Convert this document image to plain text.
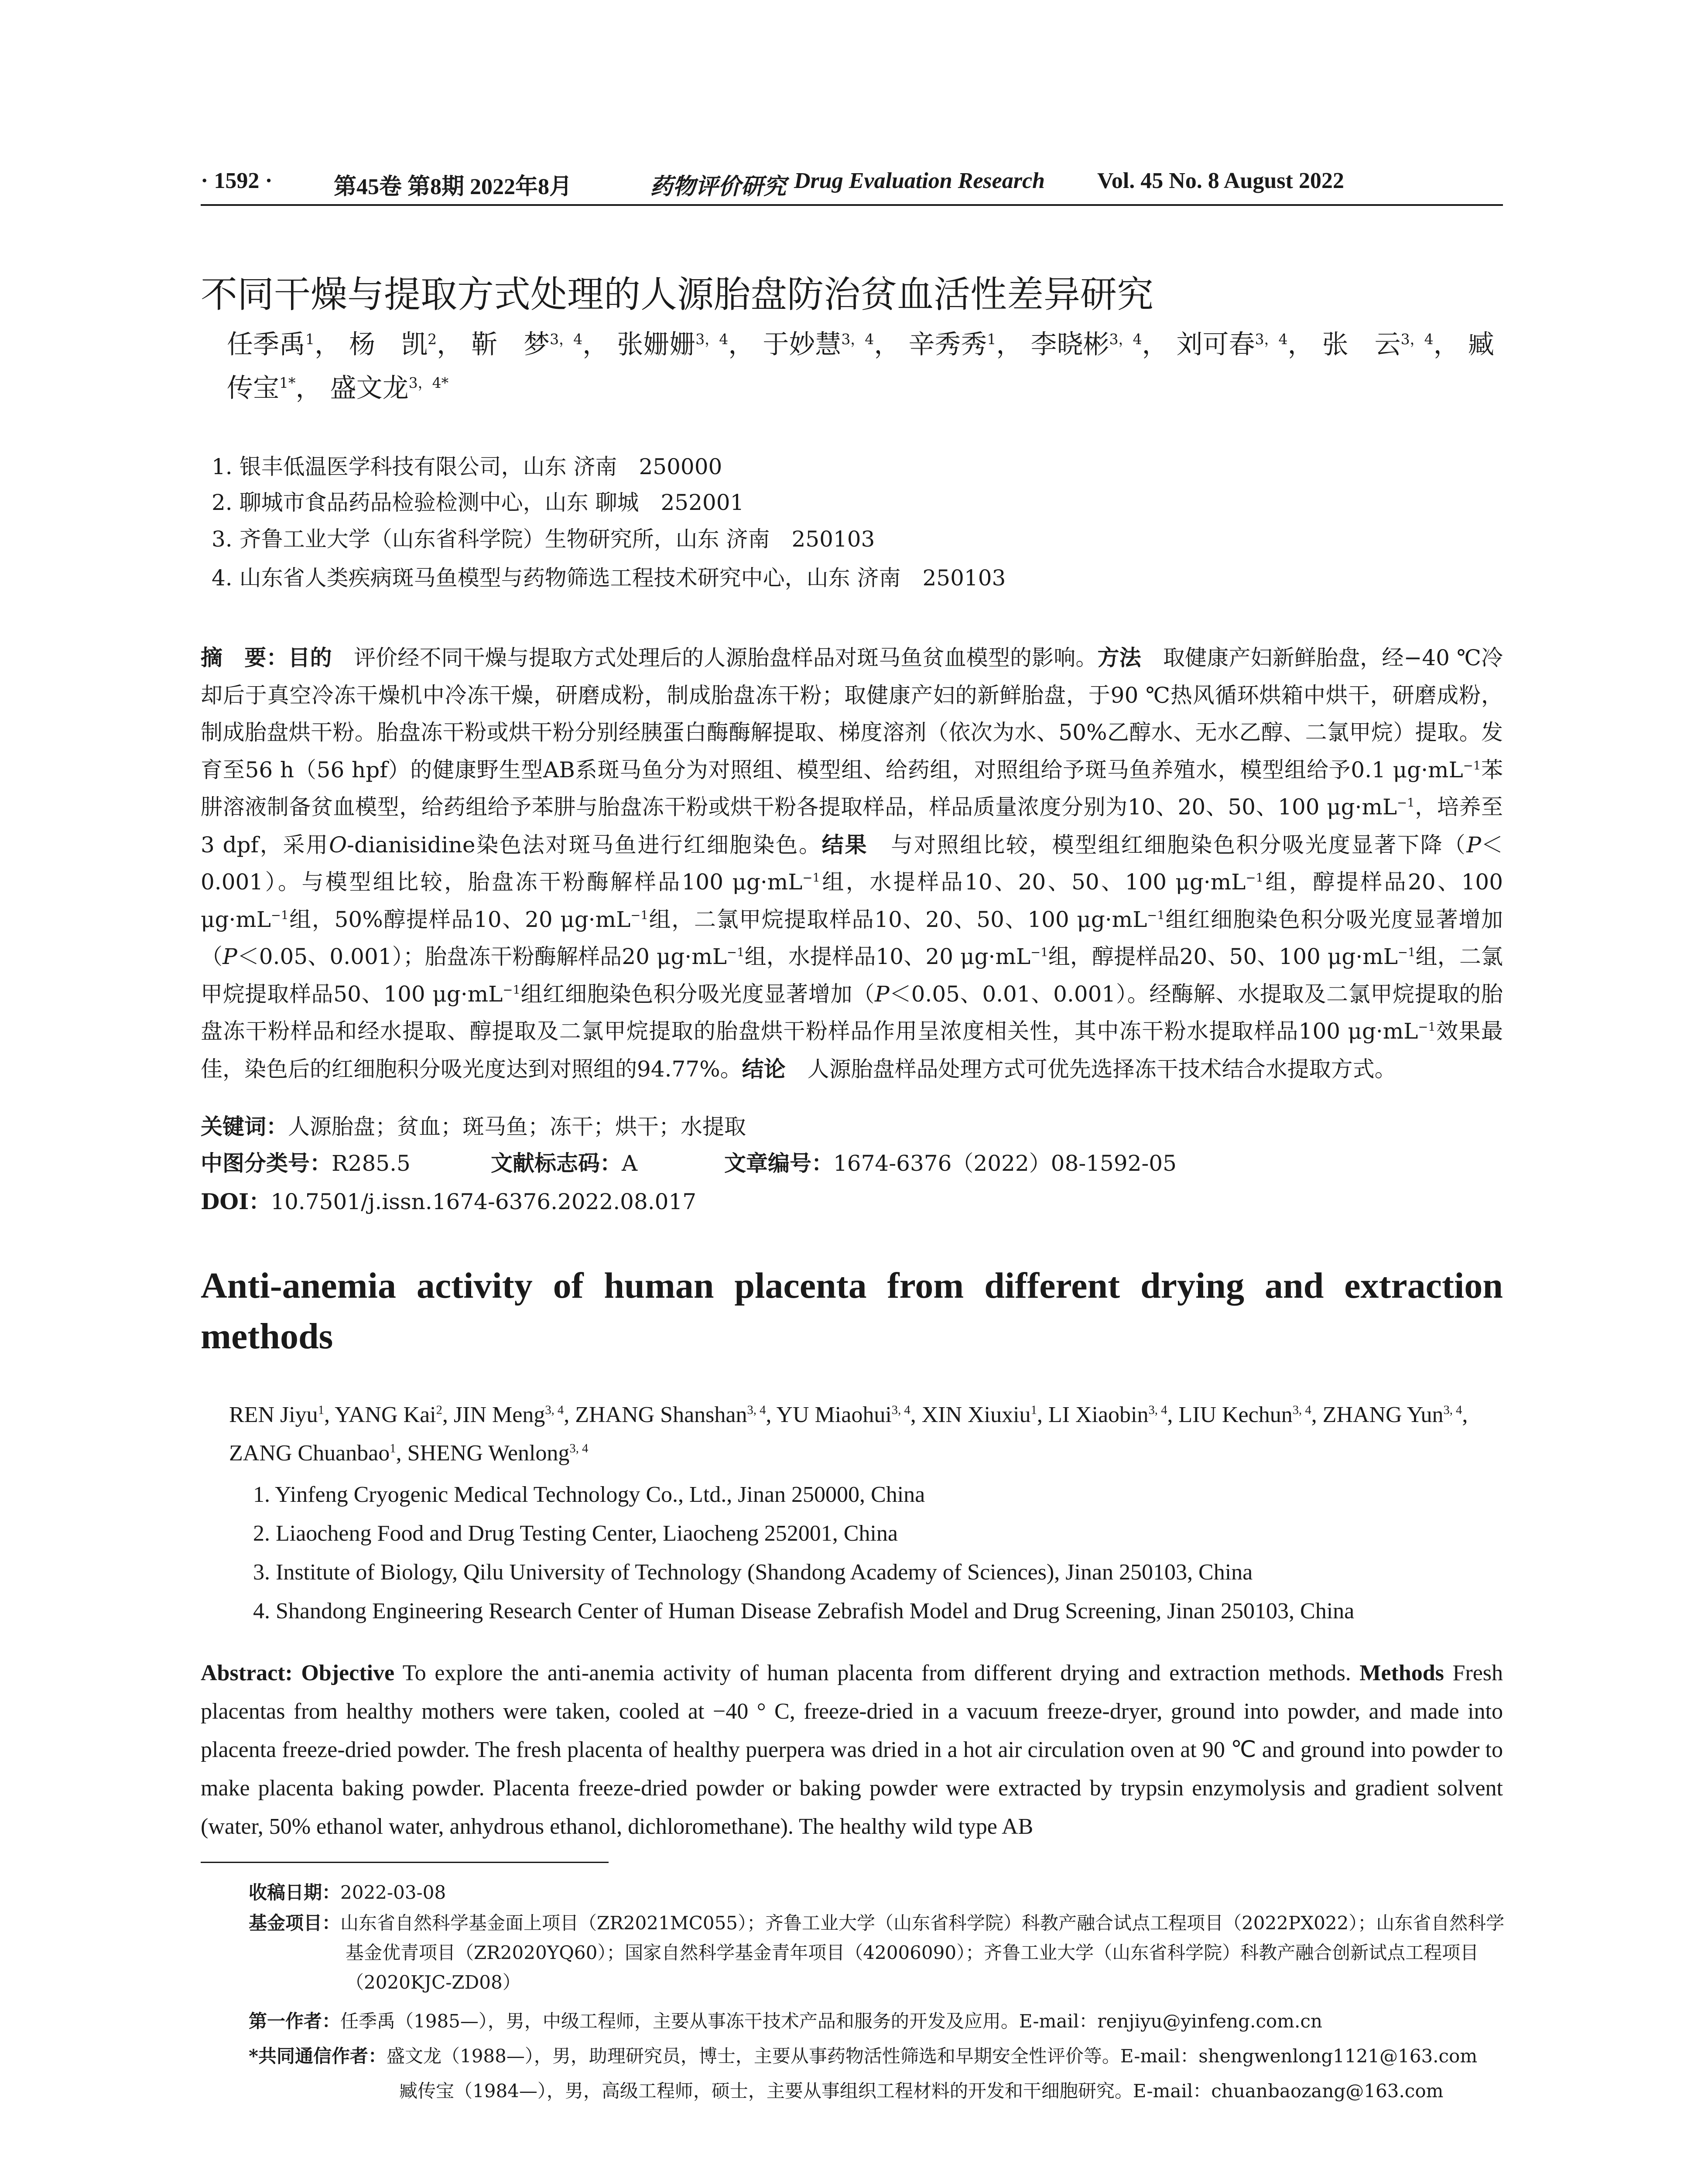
· 1592 ·	第45卷 第8期 2022年8月	药物评价研究 Drug Evaluation Research Vol. 45 No. 8 August 2022
不同干燥与提取方式处理的人源胎盘防治贫血活性差异研究
任季禹$^1$， 杨　凯$^2$， 靳　梦$^{3,4}$， 张姗姗$^{3,4}$， 于妙慧$^{3,4}$， 辛秀秀$^1$， 李晓彬$^{3,4}$， 刘可春$^{3,4}$， 张　云$^{3,4}$， 臧传宝$^{1*}$， 盛文龙$^{3,4*}$
1. 银丰低温医学科技有限公司，山东 济南　250000
2. 聊城市食品药品检验检测中心，山东 聊城　252001
3. 齐鲁工业大学（山东省科学院）生物研究所，山东 济南　250103
4. 山东省人类疾病斑马鱼模型与药物筛选工程技术研究中心，山东 济南　250103
摘　要：目的　 评价经不同干燥与提取方式处理后的人源胎盘样品对斑马鱼贫血模型的影响。方法　 取健康产妇新鲜胎盘，经−40 ℃冷却后于真空冷冻干燥机中冷冻干燥，研磨成粉，制成胎盘冻干粉；取健康产妇的新鲜胎盘，于90 ℃热风循环烘箱中烘干，研磨成粉，制成胎盘烘干粉。胎盘冻干粉或烘干粉分别经胰蛋白酶酶解提取、梯度溶剂（依次为水、50%乙醇水、无水乙醇、二氯甲烷）提取。发育至56 h（56 hpf）的健康野生型AB系斑马鱼分为对照组、模型组、给药组，对照组给予斑马鱼养殖水，模型组给予0.1 $\mu g\cdot mL^{-1}$苯肼溶液制备贫血模型，给药组给予苯肼与胎盘冻干粉或烘干粉各提取样品，样品质量浓度分别为10、20、50、100 $\mu g\cdot mL^{-1}$，培养至3 dpf，采用O-dianisidine染色法对斑马鱼进行红细胞染色。结果　 与对照组比较，模型组红细胞染色积分吸光度显著下降（P＜0.001）。与模型组比较，胎盘冻干粉酶解样品100 $\mu g\cdot mL^{-1}$组，水提样品10、20、50、100 $\mu g\cdot mL^{-1}$组，醇提样品20、100 $\mu g\cdot mL^{-1}$组，50%醇提样品10、20 $\mu g\cdot mL^{-1}$组，二氯甲烷提取样品10、20、50、100 $\mu g\cdot mL^{-1}$组红细胞染色积分吸光度显著增加（P＜0.05、0.001）；胎盘冻干粉酶解样品20 $\mu g\cdot mL^{-1}$组，水提样品10、20 $\mu g\cdot mL^{-1}$组，醇提样品20、50、100 $\mu g\cdot mL^{-1}$组，二氯甲烷提取样品50、100 $\mu g\cdot mL^{-1}$组红细胞染色积分吸光度显著增加（P＜0.05、0.01、0.001）。经酶解、水提取及二氯甲烷提取的胎盘冻干粉样品和经水提取、醇提取及二氯甲烷提取的胎盘烘干粉样品作用呈浓度相关性，其中冻干粉水提取样品100 $\mu g\cdot mL^{-1}$效果最佳，染色后的红细胞积分吸光度达到对照组的94.77%。结论　 人源胎盘样品处理方式可优先选择冻干技术结合水提取方式。
关键词：人源胎盘；贫血；斑马鱼；冻干；烘干；水提取
中图分类号：R285.5	文献标志码：A	文章编号：1674-6376（2022）08-1592-05
DOI：10.7501/j.issn.1674-6376.2022.08.017
Anti-anemia activity of human placenta from different drying and extraction methods
REN Jiyu$^1$, YANG Kai$^2$, JIN Meng$^{3, 4}$, ZHANG Shanshan$^{3, 4}$, YU Miaohui$^{3, 4}$, XIN Xiuxiu$^1$, LI Xiaobin$^{3, 4}$, LIU Kechun$^{3, 4}$, ZHANG Yun$^{3, 4}$, ZANG Chuanbao$^1$, SHENG Wenlong$^{3, 4}$
1. Yinfeng Cryogenic Medical Technology Co., Ltd., Jinan 250000, China
2. Liaocheng Food and Drug Testing Center, Liaocheng 252001, China
3. Institute of Biology, Qilu University of Technology (Shandong Academy of Sciences), Jinan 250103, China
4. Shandong Engineering Research Center of Human Disease Zebrafish Model and Drug Screening, Jinan 250103, China
Abstract: Objective To explore the anti-anemia activity of human placenta from different drying and extraction methods. Methods Fresh placentas from healthy mothers were taken, cooled at −40 ° C, freeze-dried in a vacuum freeze-dryer, ground into powder, and made into placenta freeze-dried powder. The fresh placenta of healthy puerpera was dried in a hot air circulation oven at 90 ℃ and ground into powder to make placenta baking powder. Placenta freeze-dried powder or baking powder were extracted by trypsin enzymolysis and gradient solvent (water, 50% ethanol water, anhydrous ethanol, dichloromethane). The healthy wild type AB
收稿日期：2022-03-08
基金项目：山东省自然科学基金面上项目（ZR2021MC055）；齐鲁工业大学（山东省科学院）科教产融合试点工程项目（2022PX022）；山东省自然科学基金优青项目（ZR2020YQ60）；国家自然科学基金青年项目（42006090）；齐鲁工业大学（山东省科学院）科教产融合创新试点工程项目（2020KJC-ZD08）
第一作者：任季禹（1985—），男，中级工程师，主要从事冻干技术产品和服务的开发及应用。E-mail：renjiyu@yinfeng.com.cn
*共同通信作者：盛文龙（1988—），男，助理研究员，博士，主要从事药物活性筛选和早期安全性评价等。E-mail：shengwenlong1121@163.com
臧传宝（1984—），男，高级工程师，硕士，主要从事组织工程材料的开发和干细胞研究。E-mail：chuanbaozang@163.com
